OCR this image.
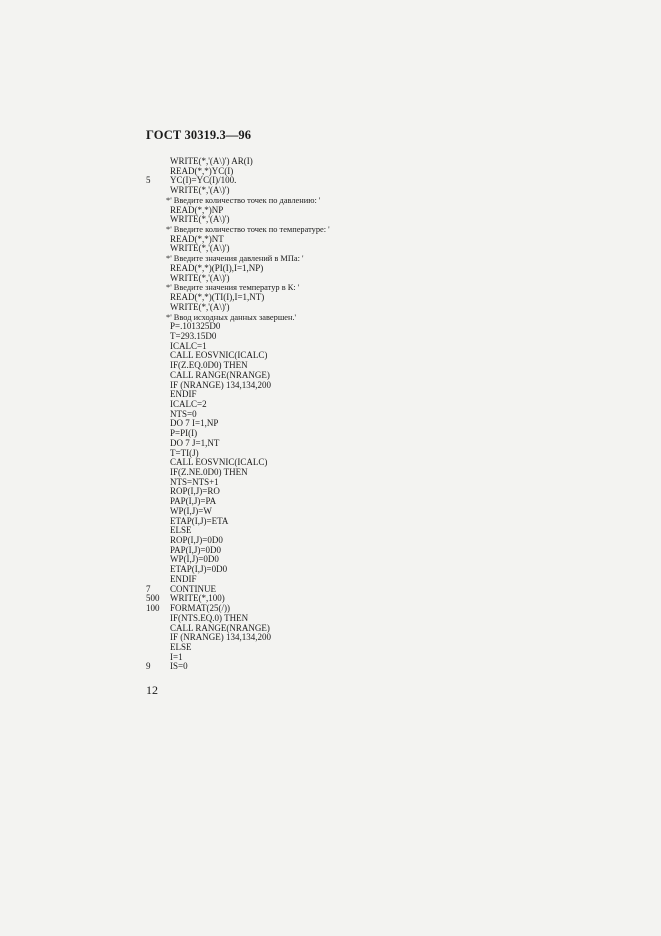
ГОСТ 30319.3—96
WRITE(*,'(A\)') AR(I)
READ(*,*)YC(I)
5 YC(I)=YC(I)/100.
WRITE(*,'(A\)')
*' Введите количество точек по давлению: '
READ(*,*)NP
WRITE(*,'(A\)')
*' Введите количество точек по температуре: '
READ(*,*)NT
WRITE(*,'(A\)')
*' Введите значения давлений в МПа: '
READ(*,*)(PI(I),I=1,NP)
WRITE(*,'(A\)')
*' Введите значения температур в К: '
READ(*,*)(TI(I),I=1,NT)
WRITE(*,'(A\)')
*' Ввод исходных данных завершен.'
P=.101325D0
T=293.15D0
ICALC=1
CALL EOSVNIC(ICALC)
IF(Z.EQ.0D0) THEN
CALL RANGE(NRANGE)
IF (NRANGE) 134,134,200
ENDIF
ICALC=2
NTS=0
DO 7 I=1,NP
P=PI(I)
DO 7 J=1,NT
T=TI(J)
CALL EOSVNIC(ICALC)
IF(Z.NE.0D0) THEN
NTS=NTS+1
ROP(I,J)=RO
PAP(I,J)=PA
WP(I,J)=W
ETAP(I,J)=ETA
ELSE
ROP(I,J)=0D0
PAP(I,J)=0D0
WP(I,J)=0D0
ETAP(I,J)=0D0
ENDIF
7 CONTINUE
500 WRITE(*,100)
100 FORMAT(25(/))
IF(NTS.EQ.0) THEN
CALL RANGE(NRANGE)
IF (NRANGE) 134,134,200
ELSE
I=1
9 IS=0
12
